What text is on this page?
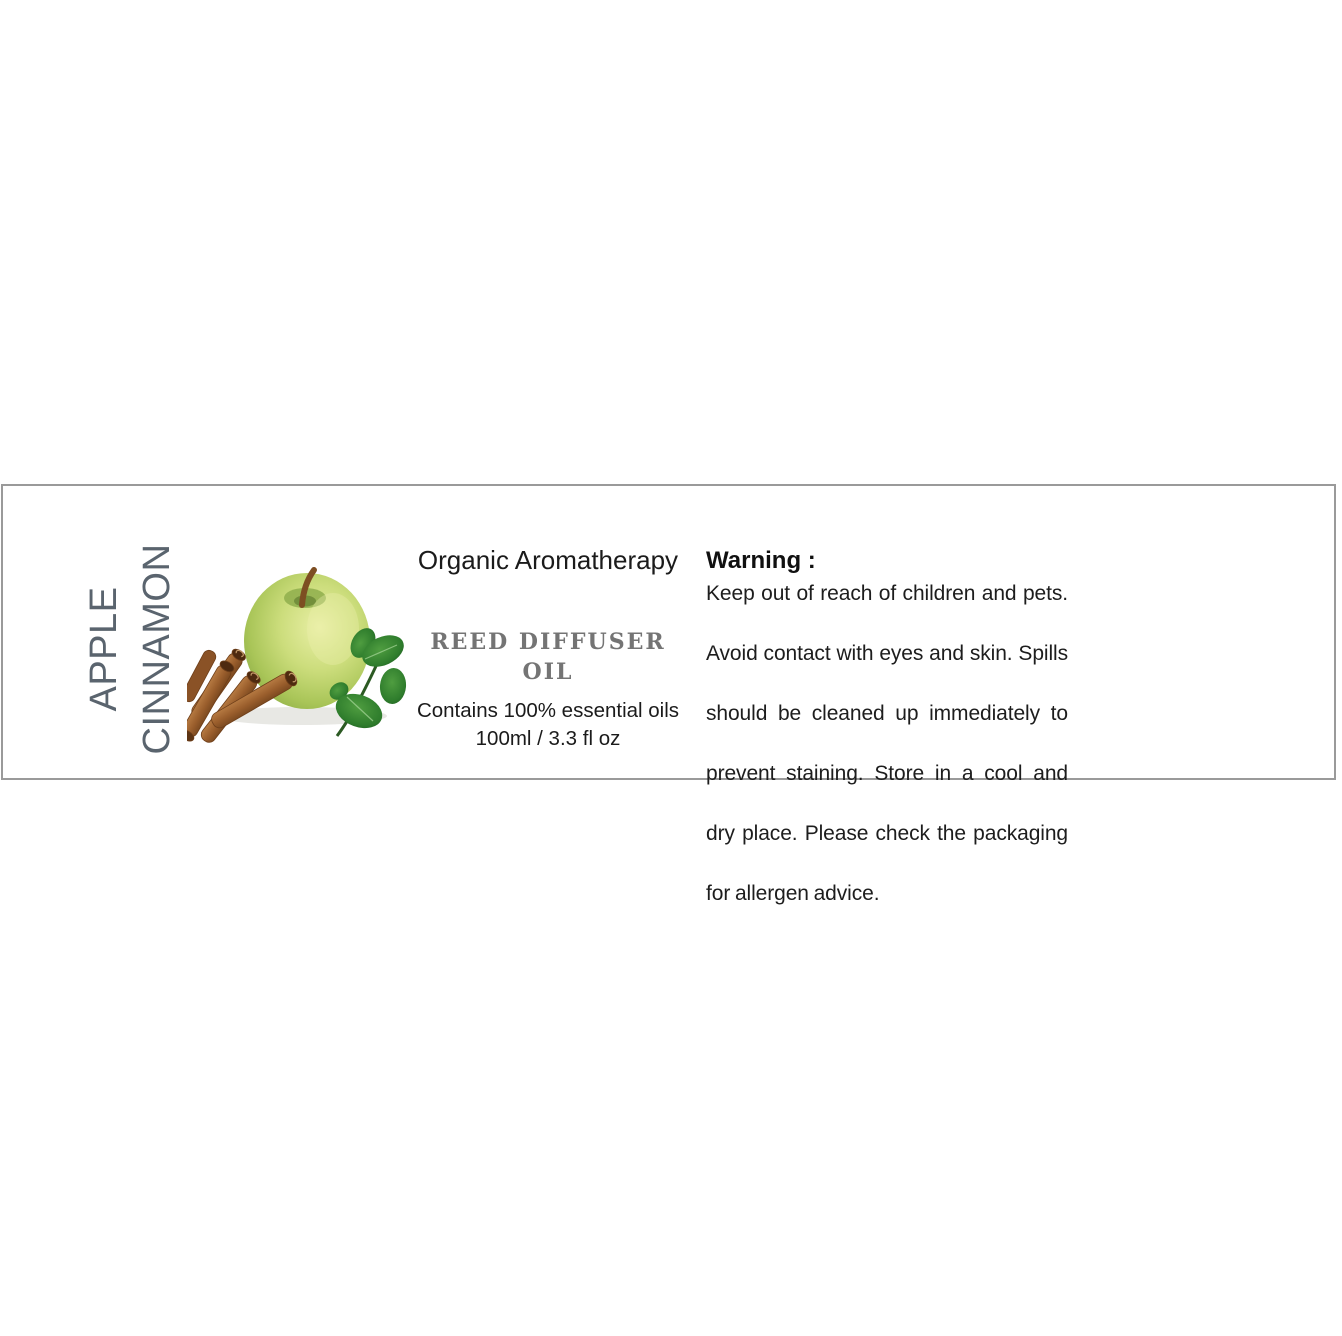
APPLE CINNAMON	Organic Aromatherapy
REED DIFFUSER
OIL
Contains 100% essential oils
100ml / 3.3 fl oz
Warning :
Keep out of reach of children and pets.
Avoid contact with eyes and skin. Spills
should be cleaned up immediately to
prevent staining. Store in a cool and
dry place. Please check the packaging
for allergen advice.
